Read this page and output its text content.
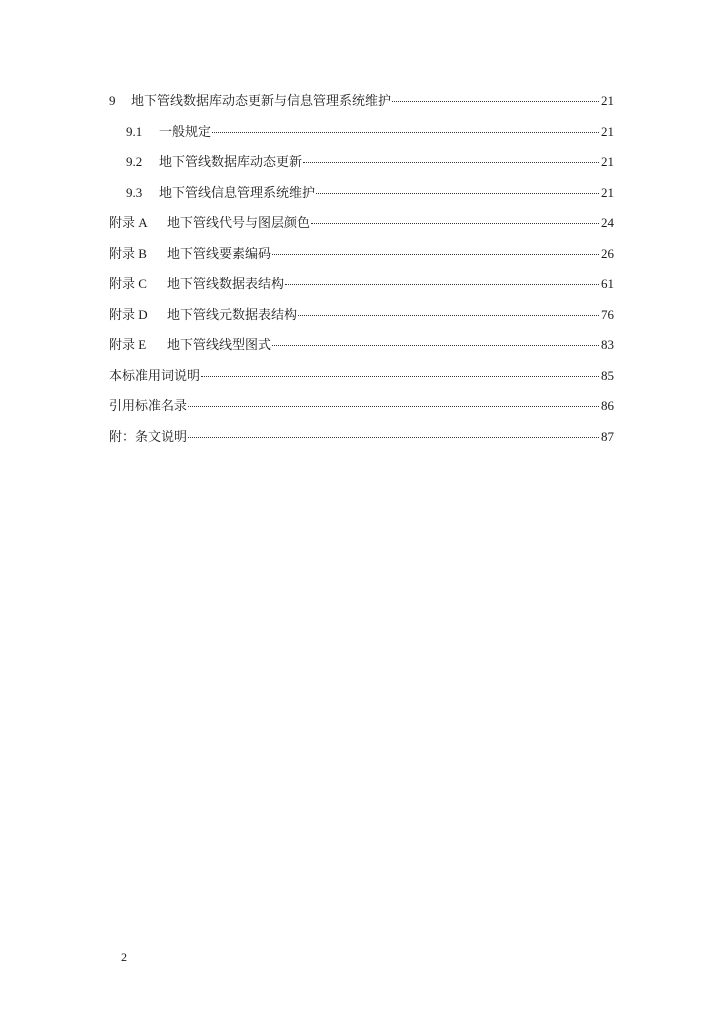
9	地下管线数据库动态更新与信息管理系统维护	21
9.1	一般规定	21
9.2	地下管线数据库动态更新	21
9.3	地下管线信息管理系统维护	21
附录 A	地下管线代号与图层颜色	24
附录 B	地下管线要素编码	26
附录 C	地下管线数据表结构	61
附录 D	地下管线元数据表结构	76
附录 E	地下管线线型图式	83
本标准用词说明	85
引用标准名录	86
附：条文说明	87
2
